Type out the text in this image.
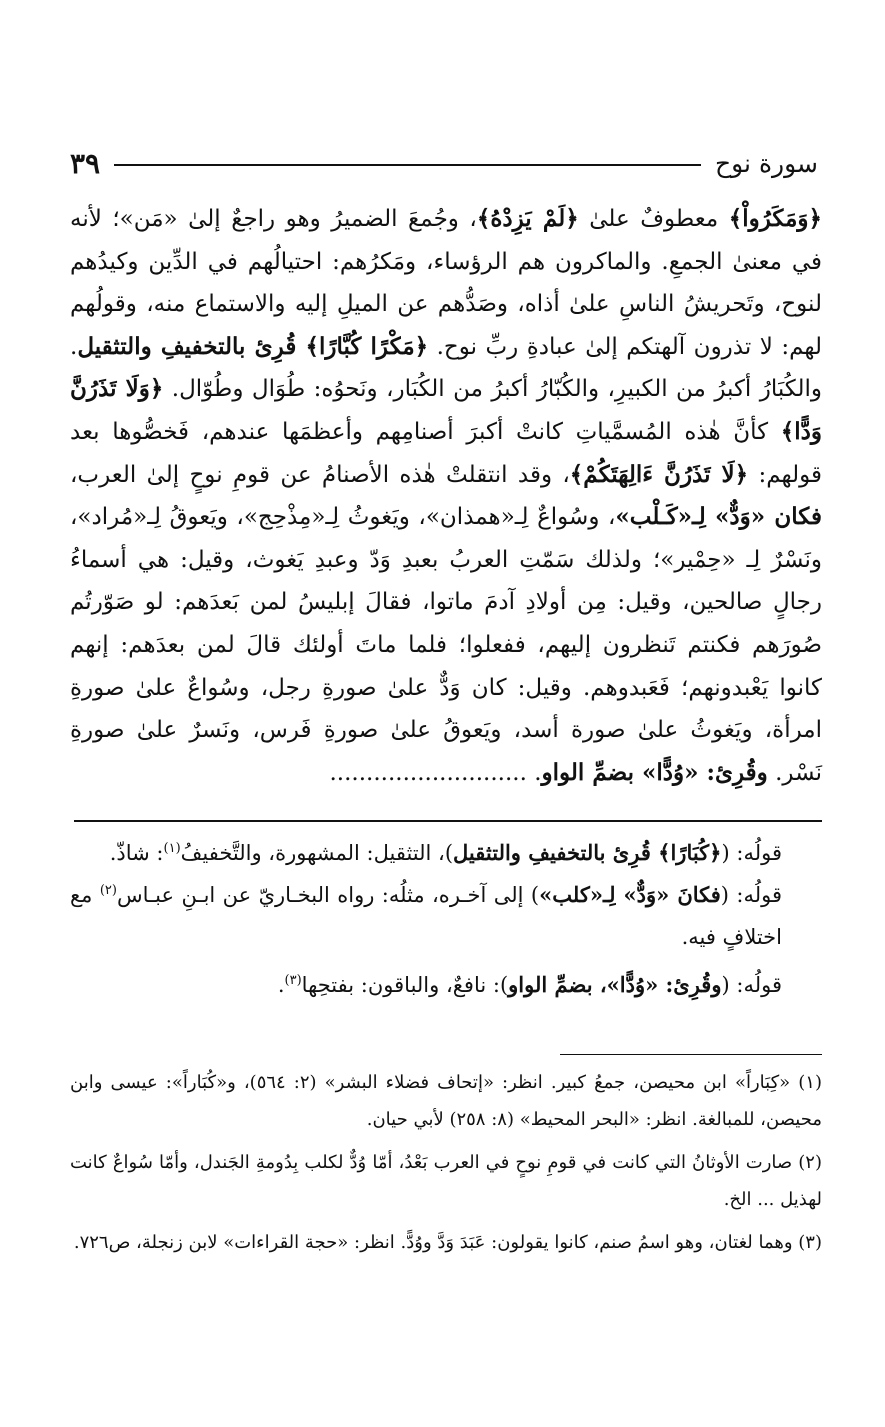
سورة نوح
٣٩

﴿وَمَكَرُواْ﴾ معطوفٌ علىٰ ﴿لَمْ يَزِدْهُ﴾، وجُمعَ الضميرُ وهو راجعٌ إلىٰ «مَن»؛ لأنه في معنىٰ الجمعِ. والماكرون هم الرؤساء، ومَكرُهم: احتيالُهم في الدِّين وكيدُهم لنوح، وتَحريشُ الناسِ علىٰ أذاه، وصَدُّهم عن الميلِ إليه والاستماع منه، وقولُهم لهم: لا تذرون آلهتكم إلىٰ عبادةِ ربِّ نوح. ﴿مَكْرًا كُبَّارًا﴾ قُرِئ بالتخفيفِ والتثقيل. والكُبَارُ أكبرُ من الكبيرِ، والكُبّارُ أكبرُ من الكُبَار، ونَحوُه: طُوَال وطُوّال. ﴿وَلَا تَذَرُنَّ وَدًّا﴾ كأنَّ هٰذه المُسمَّياتِ كانتْ أكبرَ أصنامِهم وأعظمَها عندهم، فَخصُّوها بعد قولهم: ﴿لَا تَذَرُنَّ ءَالِهَتَكُمْ﴾، وقد انتقلتْ هٰذه الأصنامُ عن قومِ نوحٍ إلىٰ العرب، فكان «وَدٌّ» لِـ«كَـلْب»، وسُواعٌ لِـ«همذان»، ويَغوثُ لِـ«مِذْحِج»، ويَعوقُ لِـ«مُراد»، ونَسْرٌ لِـ «حِمْير»؛ ولذلك سَمّتِ العربُ بعبدِ وَدّ وعبدِ يَغوث، وقيل: هي أسماءُ رجالٍ صالحين، وقيل: مِن أولادِ آدمَ ماتوا، فقالَ إبليسُ لمن بَعدَهم: لو صَوّرتُم صُورَهم فكنتم تَنظرون إليهم، ففعلوا؛ فلما ماتَ أولئك قالَ لمن بعدَهم: إنهم كانوا يَعْبدونهم؛ فَعَبدوهم. وقيل: كان وَدٌّ علىٰ صورةِ رجل، وسُواعٌ علىٰ صورةِ امرأة، ويَغوثُ علىٰ صورة أسد، ويَعوقُ علىٰ صورةِ فَرس، ونَسرٌ علىٰ صورةِ نَسْر. وقُرِئ: «وُدًّا» بضمِّ الواو. ...........................

قولُه: (﴿كُبَارًا﴾ قُرِئ بالتخفيفِ والتثقيل)، التثقيل: المشهورة، والتَّخفيفُ$^{(١)}$: شاذّ.

قولُه: (فكانَ «وَدٌّ» لِـ«كلب») إلى آخـره، مثلُه: رواه البخـاريّ عن ابـنِ عبـاس$^{(٢)}$ مع اختلافٍ فيه.

قولُه: (وقُرِئ: «وُدًّا»، بضمِّ الواو): نافعٌ، والباقون: بفتحِها$^{(٣)}$.

(١) «كِبَاراً» ابن محيصن، جمعُ كبير. انظر: «إتحاف فضلاء البشر» (٢: ٥٦٤)، و«كُبَاراً»: عيسى وابن محيصن، للمبالغة. انظر: «البحر المحيط» (٨: ٢٥٨) لأبي حيان.

(٢) صارت الأوثانُ التي كانت في قومِ نوحٍ في العرب بَعْدُ، أمّا وُدٌّ لكلب بِدُومةِ الجَندل، وأمّا سُواعٌ كانت لهذيل ... الخ.

(٣) وهما لغتان، وهو اسمُ صنم، كانوا يقولون: عَبَدَ وَدَّ ووُدًّ. انظر: «حجة القراءات» لابن زنجلة، ص٧٢٦.
